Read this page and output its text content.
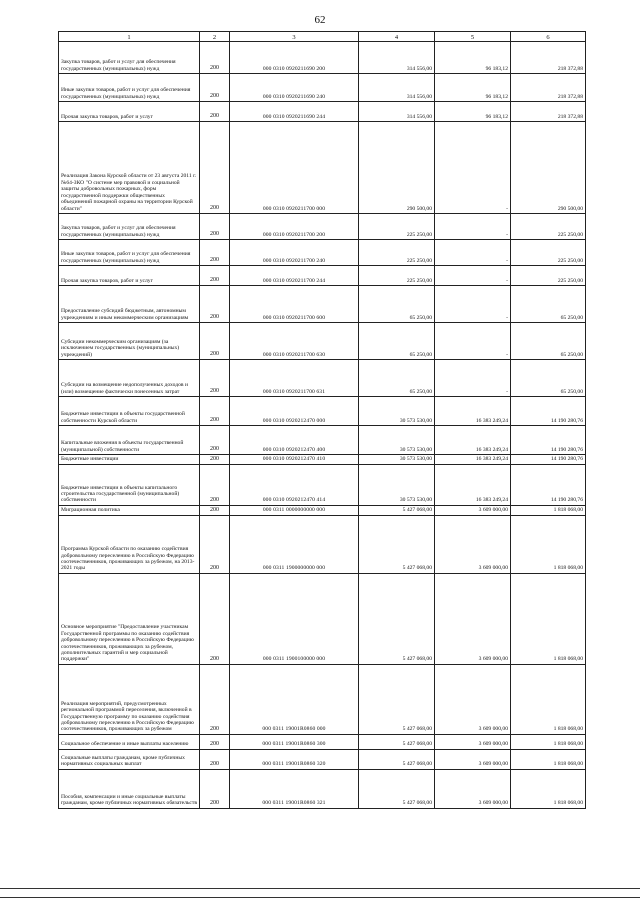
62
1	2	3	4	5	6
Закупка товаров, работ и услуг для обеспечения государственных (муниципальных) нужд	200	000 0310 0920211690 200	314 556,00	96 183,12	218 372,88
Иные закупки товаров, работ и услуг для обеспечения государственных (муниципальных) нужд	200	000 0310 0920211690 240	314 556,00	96 183,12	218 372,88
Прочая закупка товаров, работ и услуг	200	000 0310 0920211690 244	314 556,00	96 183,12	218 372,88
Реализация Закона Курской области от 23 августа 2011 г. №64-ЗКО "О системе мер правовой и социальной защиты добровольных пожарных, форм государственной поддержки общественных объединений пожарной охраны на территории Курской области"	200	000 0310 0920211700 000	290 500,00	-	290 500,00
Закупка товаров, работ и услуг для обеспечения государственных (муниципальных) нужд	200	000 0310 0920211700 200	225 250,00	-	225 250,00
Иные закупки товаров, работ и услуг для обеспечения государственных (муниципальных) нужд	200	000 0310 0920211700 240	225 250,00	-	225 250,00
Прочая закупка товаров, работ и услуг	200	000 0310 0920211700 244	225 250,00	-	225 250,00
Предоставление субсидий бюджетным, автономным учреждениям и иным некоммерческим организациям	200	000 0310 0920211700 600	65 250,00	-	65 250,00
Субсидии некоммерческим организациям (за исключением государственных (муниципальных) учреждений)	200	000 0310 0920211700 630	65 250,00	-	65 250,00
Субсидии на возмещение недополученных доходов и (или) возмещение фактически понесенных затрат	200	000 0310 0920211700 631	65 250,00	-	65 250,00
Бюджетные инвестиции в объекты государственной собственности Курской области	200	000 0310 0920212470 000	30 573 530,00	16 383 249,24	14 190 280,76
Капитальные вложения в объекты государственной (муниципальной) собственности	200	000 0310 0920212470 400	30 573 530,00	16 383 249,24	14 190 280,76
Бюджетные инвестиции	200	000 0310 0920212470 410	30 573 530,00	16 383 249,24	14 190 280,76
Бюджетные инвестиции в объекты капитального строительства государственной (муниципальной) собственности	200	000 0310 0920212470 414	30 573 530,00	16 383 249,24	14 190 280,76
Миграционная политика	200	000 0311 0000000000 000	5 427 068,00	3 609 000,00	1 818 068,00
Программа Курской области по оказанию содействия добровольному переселению в Российскую Федерацию соотечественников, проживающих за рубежом, на 2013-2021 годы	200	000 0311 1900000000 000	5 427 068,00	3 609 000,00	1 818 068,00
Основное мероприятие "Предоставление участникам Государственной программы по оказанию содействия добровольному переселению в Российскую Федерацию соотечественников, проживающих за рубежом, дополнительных гарантий и мер социальной поддержки"	200	000 0311 1900100000 000	5 427 068,00	3 609 000,00	1 818 068,00
Реализация мероприятий, предусмотренных региональной программой переселения, включенной в Государственную программу по оказанию содействия добровольному переселению в Российскую Федерацию соотечественников, проживающих за рубежом	200	000 0311 19001R0860 000	5 427 068,00	3 609 000,00	1 818 068,00
Социальное обеспечение и иные выплаты населению	200	000 0311 19001R0860 300	5 427 068,00	3 609 000,00	1 818 068,00
Социальные выплаты гражданам, кроме публичных нормативных социальных выплат	200	000 0311 19001R0860 320	5 427 068,00	3 609 000,00	1 818 068,00
Пособия, компенсации и иные социальные выплаты гражданам, кроме публичных нормативных обязательств	200	000 0311 19001R0860 321	5 427 068,00	3 609 000,00	1 818 068,00
